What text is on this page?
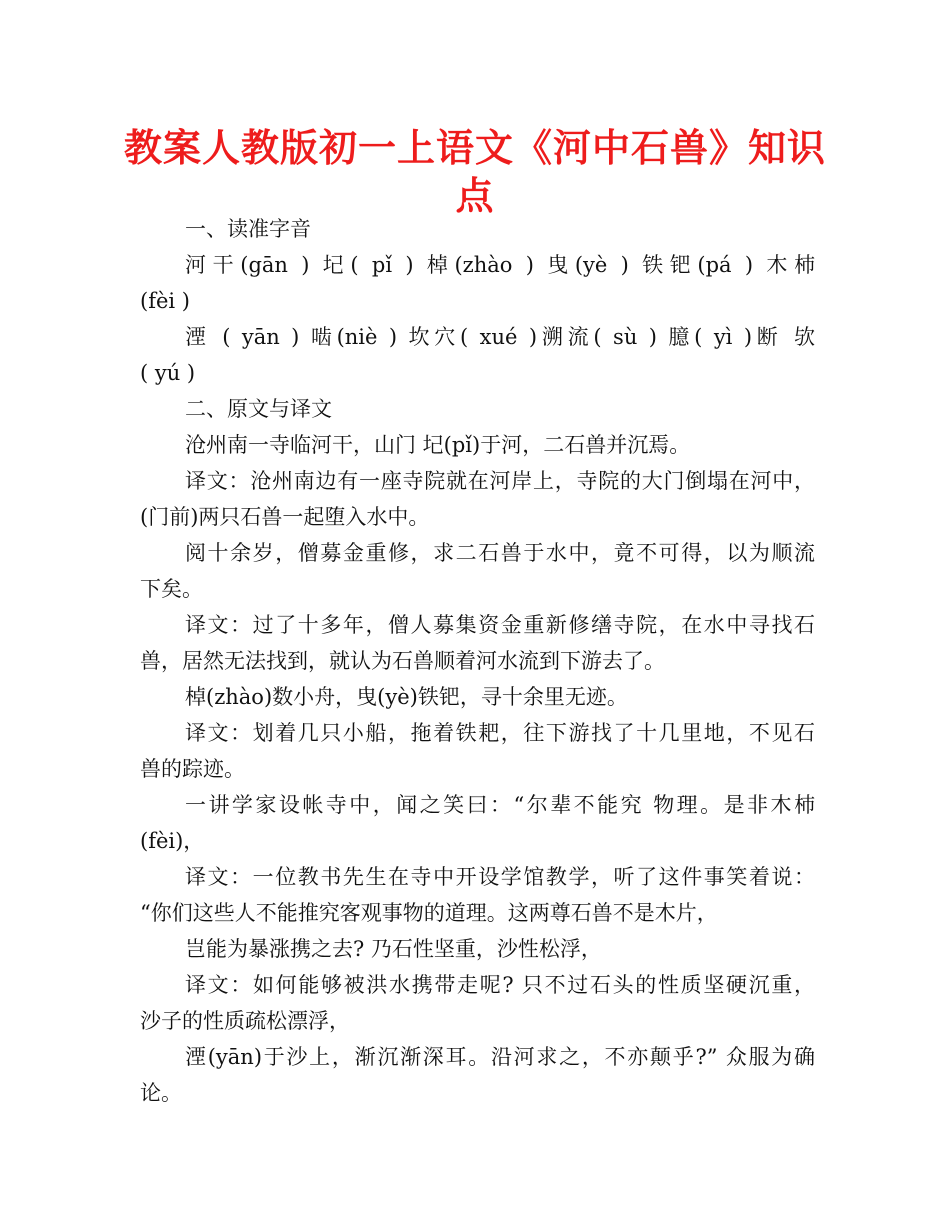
教案人教版初一上语文《河中石兽》知识
点
一、读准字音
河干(gān ) 圮( pǐ ) 棹(zhào ) 曳(yè ) 铁钯(pá ) 木杮
(fèi )
湮 ( yān ) 啮(niè ) 坎穴( xué )溯流( sù ) 臆( yì )断 欤
( yú )
二、原文与译文
沧州南一寺临河干，山门 圮(pǐ)于河，二石兽并沉焉。
译文：沧州南边有一座寺院就在河岸上，寺院的大门倒塌在河中，
(门前)两只石兽一起堕入水中。
阅十余岁，僧募金重修，求二石兽于水中，竟不可得，以为顺流
下矣。
译文：过了十多年，僧人募集资金重新修缮寺院，在水中寻找石
兽，居然无法找到，就认为石兽顺着河水流到下游去了。
棹(zhào)数小舟，曳(yè)铁钯，寻十余里无迹。
译文：划着几只小船，拖着铁耙，往下游找了十几里地，不见石
兽的踪迹。
一讲学家设帐寺中，闻之笑曰：“尔辈不能究 物理。是非木杮
(fèi)，
译文：一位教书先生在寺中开设学馆教学，听了这件事笑着说：
“你们这些人不能推究客观事物的道理。这两尊石兽不是木片，
岂能为暴涨携之去? 乃石性坚重，沙性松浮，
译文：如何能够被洪水携带走呢? 只不过石头的性质坚硬沉重，
沙子的性质疏松漂浮，
湮(yān)于沙上，渐沉渐深耳。沿河求之，不亦颠乎?” 众服为确
论。
